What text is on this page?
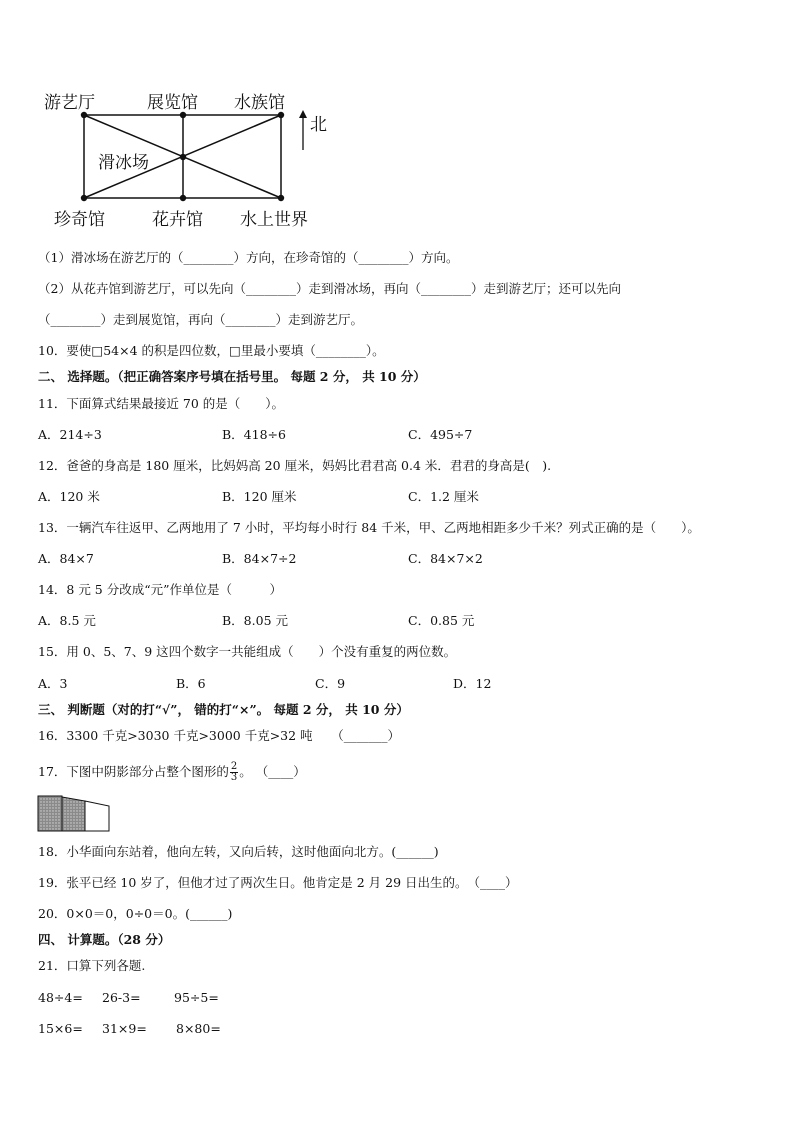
游艺厅	展览馆 水族馆
滑冰场
珍奇馆	花卉馆 水上世界
北
（1）滑冰场在游艺厅的（________）方向，在珍奇馆的（________）方向。
（2）从花卉馆到游艺厅，可以先向（________）走到滑冰场，再向（________）走到游艺厅；还可以先向
（________）走到展览馆，再向（________）走到游艺厅。
10．要使□54×4 的积是四位数，□里最小要填（________）。
二、 选择题。（把正确答案序号填在括号里。 每题 2 分， 共 10 分）
11．下面算式结果最接近 70 的是（　　）。
A．214÷3	B．418÷6	C．495÷7
12．爸爸的身高是 180 厘米，比妈妈高 20 厘米，妈妈比君君高 0.4 米．君君的身高是(　).
A．120 米	B．120 厘米	C．1.2 厘米
13．一辆汽车往返甲、乙两地用了 7 小时，平均每小时行 84 千米，甲、乙两地相距多少千米？列式正确的是（　　）。
A．84×7	B．84×7÷2	C．84×7×2
14．8 元 5 分改成“元”作单位是（　　　）
A．8.5 元	B．8.05 元	C．0.85 元
15．用 0、5、7、9 这四个数字一共能组成（　　）个没有重复的两位数。
A．3	B．6	C．9	D．12
三、 判断题（对的打“√”， 错的打“×”。 每题 2 分， 共 10 分）
16．3300 千克>3030 千克>3000 千克>32 吨　　（_______）
17．下图中阴影部分占整个图形的 $\frac{2}{3}$ 。 （____）
18．小华面向东站着，他向左转，又向后转，这时他面向北方。(______)
19．张平已经 10 岁了，但他才过了两次生日。他肯定是 2 月 29 日出生的。　（____）
20．0×0＝0，0÷0＝0。(______)
四、 计算题。（28 分）
21．口算下列各题.
48÷4= 26-3=	95÷5=
15×6= 31×9= 8×80=
